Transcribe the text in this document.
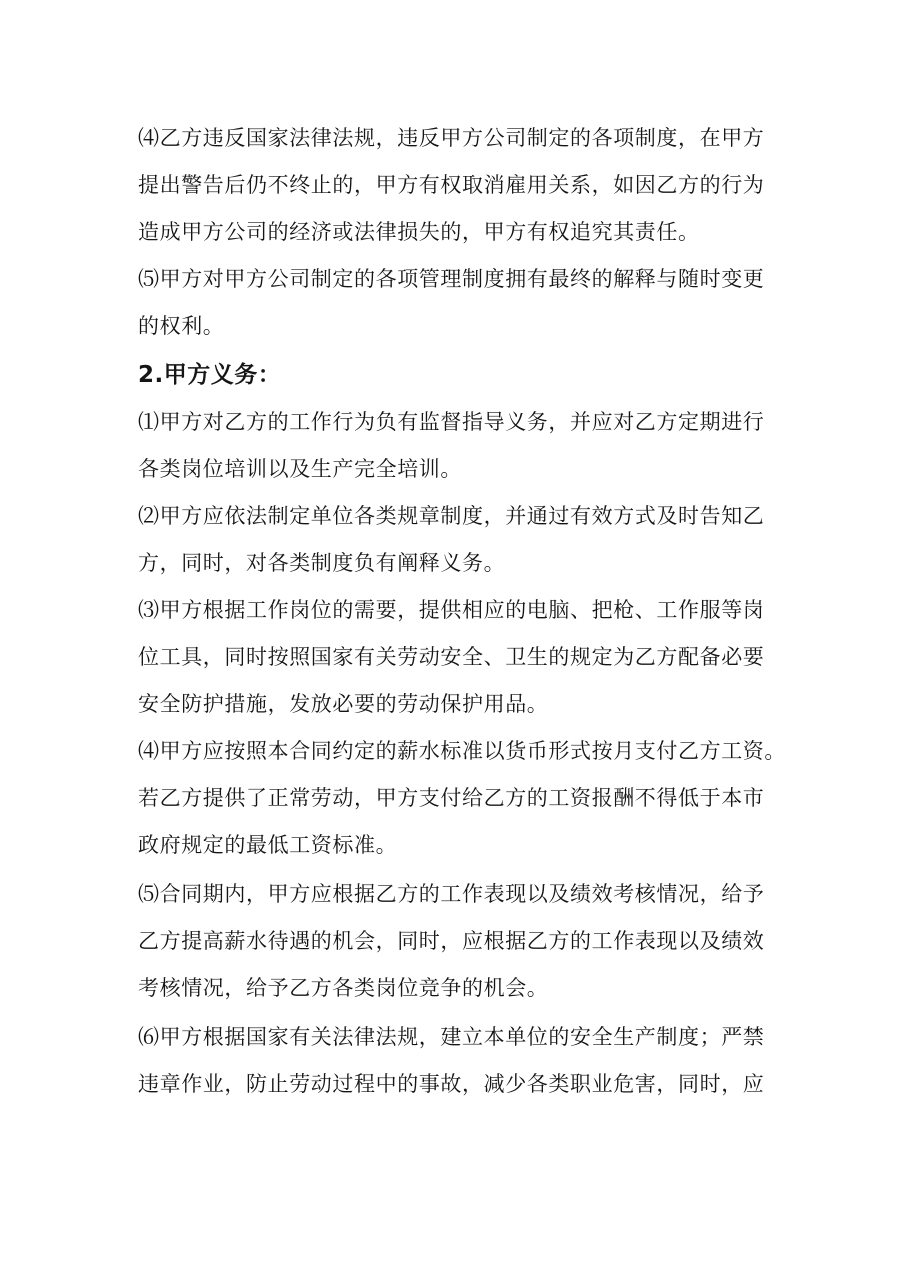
⑷乙方违反国家法律法规，违反甲方公司制定的各项制度，在甲方
提出警告后仍不终止的，甲方有权取消雇用关系，如因乙方的行为
造成甲方公司的经济或法律损失的，甲方有权追究其责任。
⑸甲方对甲方公司制定的各项管理制度拥有最终的解释与随时变更
的权利。
2.甲方义务：
⑴甲方对乙方的工作行为负有监督指导义务，并应对乙方定期进行
各类岗位培训以及生产完全培训。
⑵甲方应依法制定单位各类规章制度，并通过有效方式及时告知乙
方，同时，对各类制度负有阐释义务。
⑶甲方根据工作岗位的需要，提供相应的电脑、把枪、工作服等岗
位工具，同时按照国家有关劳动安全、卫生的规定为乙方配备必要
安全防护措施，发放必要的劳动保护用品。
⑷甲方应按照本合同约定的薪水标准以货币形式按月支付乙方工资。
若乙方提供了正常劳动，甲方支付给乙方的工资报酬不得低于本市
政府规定的最低工资标准。
⑸合同期内，甲方应根据乙方的工作表现以及绩效考核情况，给予
乙方提高薪水待遇的机会，同时，应根据乙方的工作表现以及绩效
考核情况，给予乙方各类岗位竞争的机会。
⑹甲方根据国家有关法律法规，建立本单位的安全生产制度；严禁
违章作业，防止劳动过程中的事故，减少各类职业危害，同时，应
